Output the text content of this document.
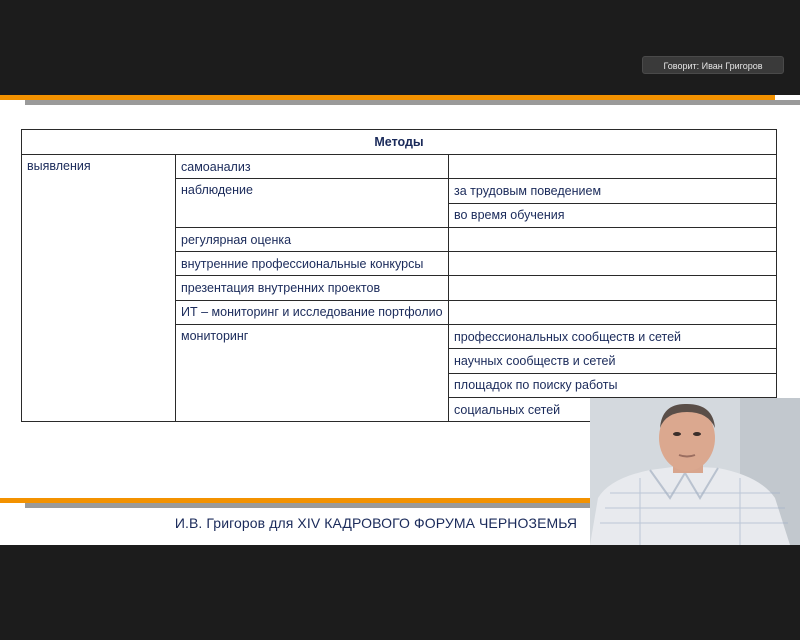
Говорит: Иван Григоров
Методы		
выявления	самоанализ	
	наблюдение	за трудовым поведением
		во время обучения
	регулярная оценка	
	внутренние профессиональные конкурсы	
	презентация внутренних проектов	
	ИТ – мониторинг и исследование портфолио	
	мониторинг	профессиональных сообществ и сетей
		научных сообществ и сетей
		площадок по поиску работы
		социальных сетей
И.В. Григоров для XIV КАДРОВОГО ФОРУМА ЧЕРНОЗЕМЬЯ
